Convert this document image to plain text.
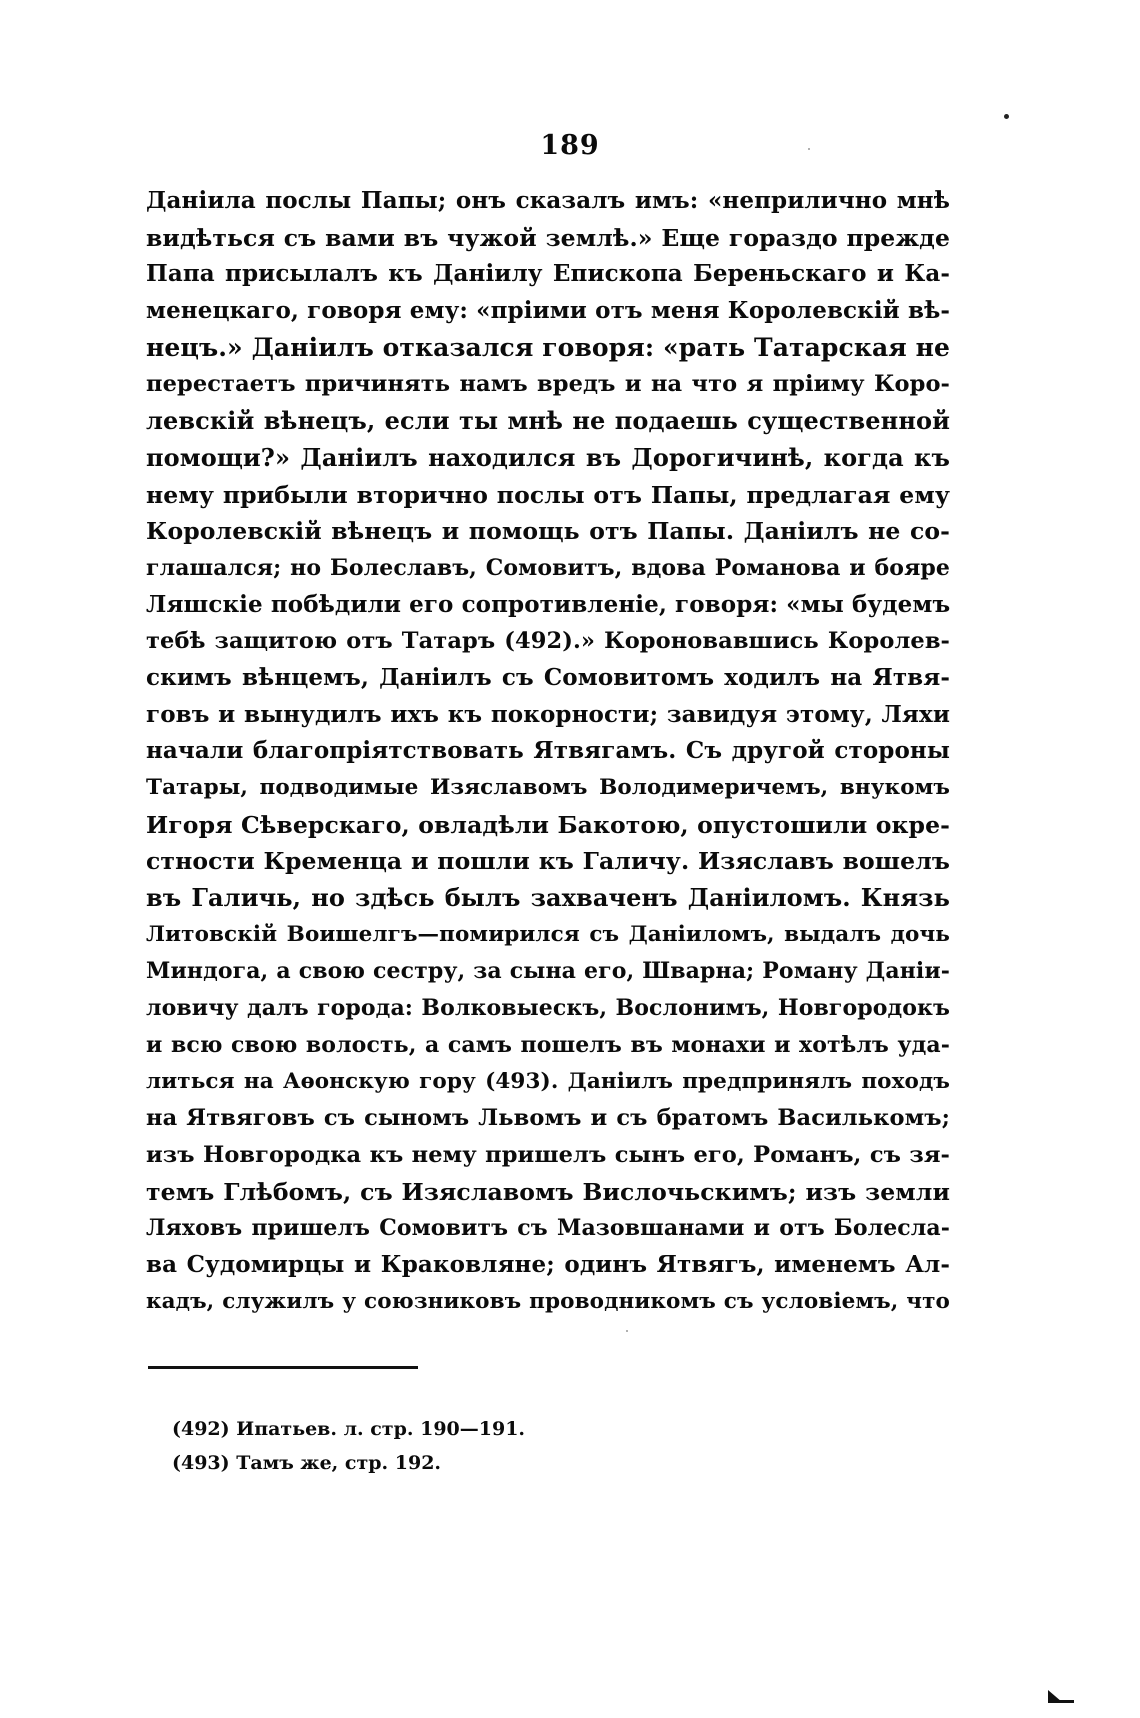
189
Даніила послы Папы; онъ сказалъ имъ: «неприлично мнѣ
видѣться съ вами въ чужой землѣ.» Еще гораздо прежде
Папа присылалъ къ Даніилу Епископа Береньскаго и Ка-
менецкаго, говоря ему: «пріими отъ меня Королевскій вѣ-
нецъ.» Даніилъ отказался говоря: «рать Татарская не
перестаетъ причинять намъ вредъ и на что я пріиму Коро-
левскій вѣнецъ, если ты мнѣ не подаешь существенной
помощи?» Даніилъ находился въ Дорогичинѣ, когда къ
нему прибыли вторично послы отъ Папы, предлагая ему
Королевскій вѣнецъ и помощь отъ Папы. Даніилъ не со-
глашался; но Болеславъ, Сомовитъ, вдова Романова и бояре
Ляшскіе побѣдили его сопротивленіе, говоря: «мы будемъ
тебѣ защитою отъ Татаръ (492).» Короновавшись Королев-
скимъ вѣнцемъ, Даніилъ съ Сомовитомъ ходилъ на Ятвя-
говъ и вынудилъ ихъ къ покорности; завидуя этому, Ляхи
начали благопріятствовать Ятвягамъ. Съ другой стороны
Татары, подводимые Изяславомъ Володимеричемъ, внукомъ
Игоря Сѣверскаго, овладѣли Бакотою, опустошили окре-
стности Кременца и пошли къ Галичу. Изяславъ вошелъ
въ Галичь, но здѣсь былъ захваченъ Даніиломъ. Князь
Литовскій Воишелгъ—помирился съ Даніиломъ, выдалъ дочь
Миндога, а свою сестру, за сына его, Шварна; Роману Даніи-
ловичу далъ города: Волковыескъ, Вослонимъ, Новгородокъ
и всю свою волость, а самъ пошелъ въ монахи и хотѣлъ уда-
литься на Аѳонскую гору (493). Даніилъ предпринялъ походъ
на Ятвяговъ съ сыномъ Львомъ и съ братомъ Василькомъ;
изъ Новгородка къ нему пришелъ сынъ его, Романъ, съ зя-
темъ Глѣбомъ, съ Изяславомъ Вислочьскимъ; изъ земли
Ляховъ пришелъ Сомовитъ съ Мазовшанами и отъ Болесла-
ва Судомирцы и Краковляне; одинъ Ятвягъ, именемъ Ал-
кадъ, служилъ у союзниковъ проводникомъ съ условіемъ, что
(492) Ипатьев. л. стр. 190—191.
(493) Тамъ же, стр. 192.
